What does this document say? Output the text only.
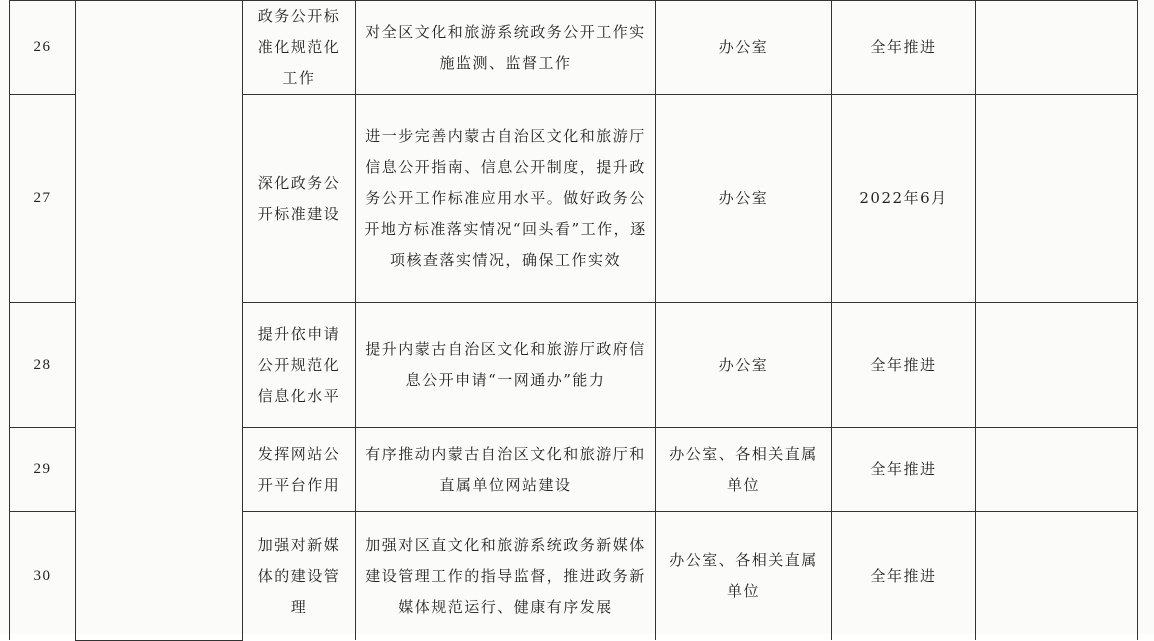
26		政务公开标准化规范化工作	对全区文化和旅游系统政务公开工作实施监测、监督工作	办公室	全年推进	
27		深化政务公开标准建设	进一步完善内蒙古自治区文化和旅游厅信息公开指南、信息公开制度，提升政务公开工作标准应用水平。做好政务公开地方标准落实情况“回头看”工作，逐项核查落实情况，确保工作实效	办公室	2022年6月	
28		提升依申请公开规范化信息化水平	提升内蒙古自治区文化和旅游厅政府信息公开申请“一网通办”能力	办公室	全年推进	
29		发挥网站公开平台作用	有序推动内蒙古自治区文化和旅游厅和直属单位网站建设	办公室、各相关直属单位	全年推进	
30		加强对新媒体的建设管理	加强对区直文化和旅游系统政务新媒体建设管理工作的指导监督，推进政务新媒体规范运行、健康有序发展	办公室、各相关直属单位	全年推进	
